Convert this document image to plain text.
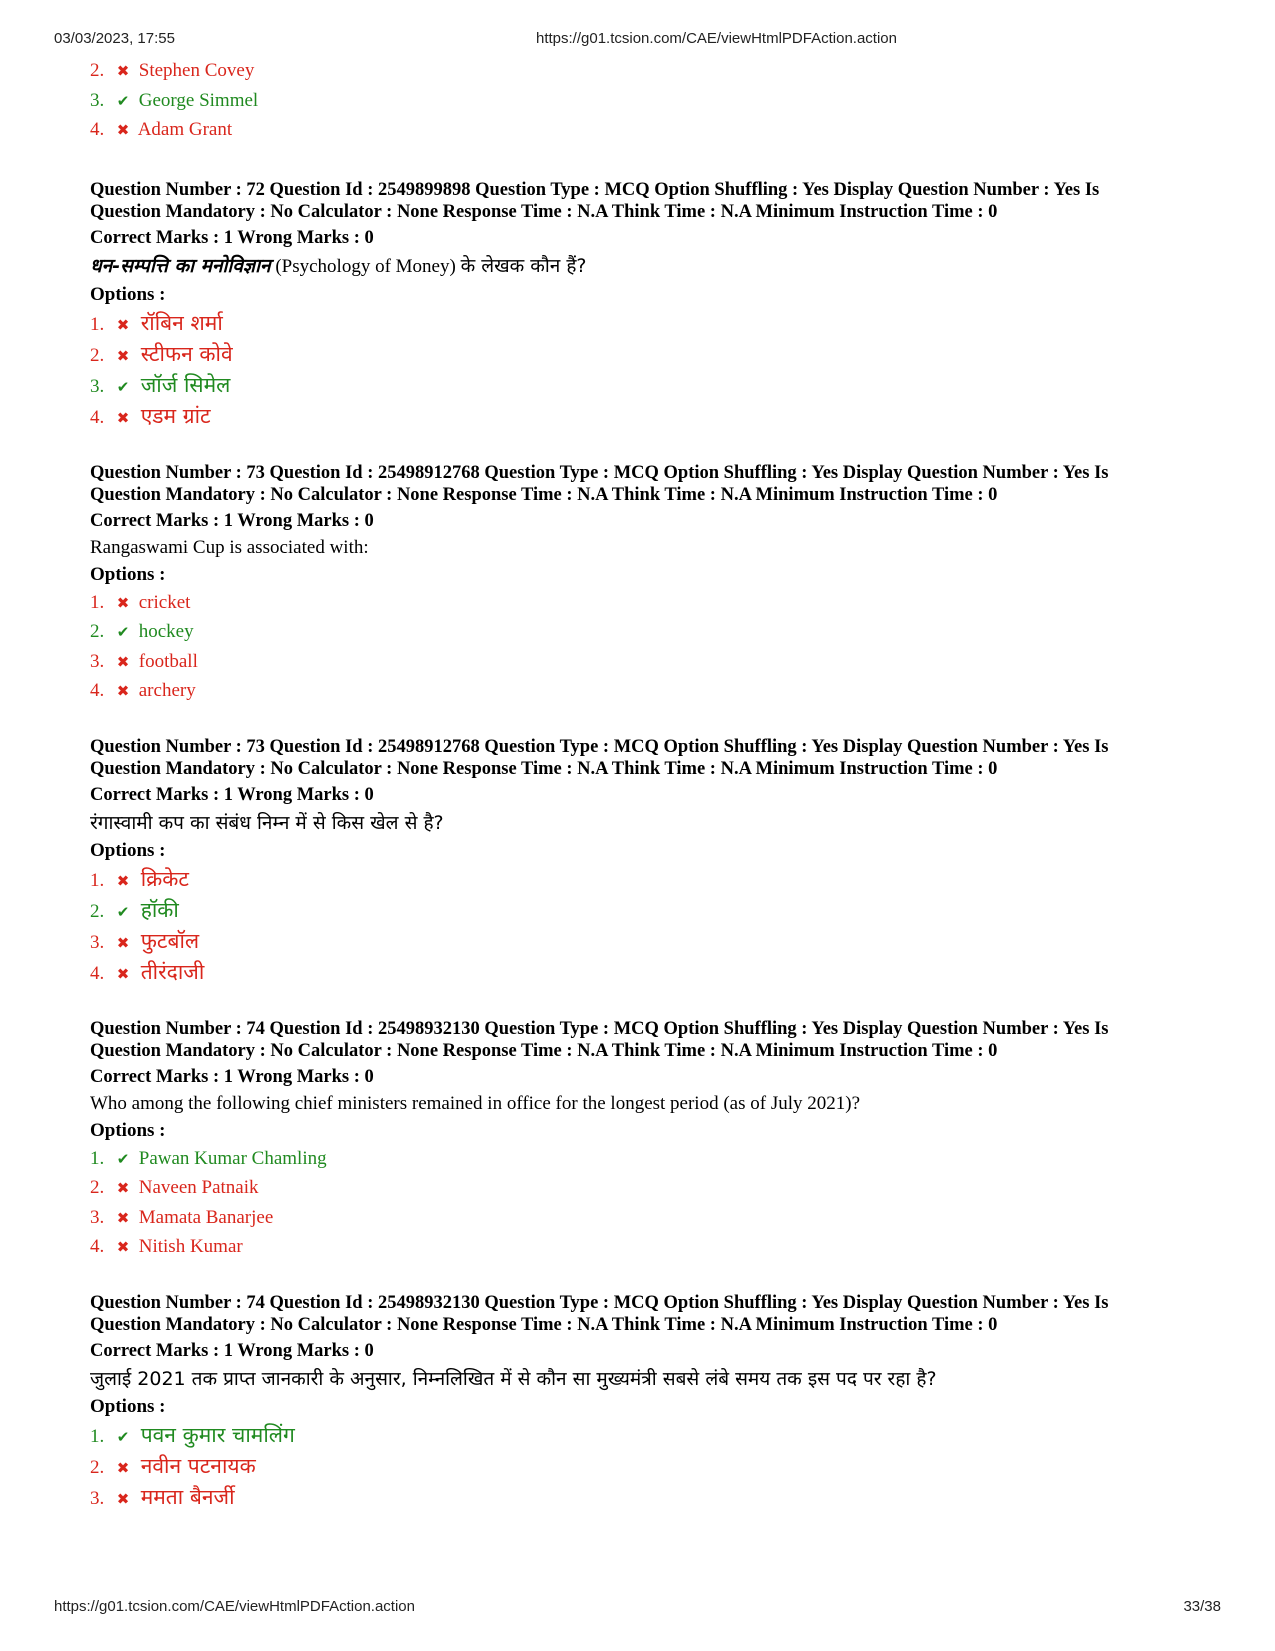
03/03/2023, 17:55	https://g01.tcsion.com/CAE/viewHtmlPDFAction.action
2. ✖ Stephen Covey
3. ✔ George Simmel
4. ✖ Adam Grant
Question Number : 72 Question Id : 2549899898 Question Type : MCQ Option Shuffling : Yes Display Question Number : Yes Is
Question Mandatory : No Calculator : None Response Time : N.A Think Time : N.A Minimum Instruction Time : 0
Correct Marks : 1 Wrong Marks : 0
धन-सम्पत्ति का मनोविज्ञान (Psychology of Money) के लेखक कौन हैं?
Options :
1. ✖ रॉबिन शर्मा
2. ✖ स्टीफन कोवे
3. ✔ जॉर्ज सिमेल
4. ✖ एडम ग्रांट
Question Number : 73 Question Id : 25498912768 Question Type : MCQ Option Shuffling : Yes Display Question Number : Yes Is
Question Mandatory : No Calculator : None Response Time : N.A Think Time : N.A Minimum Instruction Time : 0
Correct Marks : 1 Wrong Marks : 0
Rangaswami Cup is associated with:
Options :
1. ✖ cricket
2. ✔ hockey
3. ✖ football
4. ✖ archery
Question Number : 73 Question Id : 25498912768 Question Type : MCQ Option Shuffling : Yes Display Question Number : Yes Is
Question Mandatory : No Calculator : None Response Time : N.A Think Time : N.A Minimum Instruction Time : 0
Correct Marks : 1 Wrong Marks : 0
रंगास्वामी कप का संबंध निम्न में से किस खेल से है?
Options :
1. ✖ क्रिकेट
2. ✔ हॉकी
3. ✖ फुटबॉल
4. ✖ तीरंदाजी
Question Number : 74 Question Id : 25498932130 Question Type : MCQ Option Shuffling : Yes Display Question Number : Yes Is
Question Mandatory : No Calculator : None Response Time : N.A Think Time : N.A Minimum Instruction Time : 0
Correct Marks : 1 Wrong Marks : 0
Who among the following chief ministers remained in office for the longest period (as of July 2021)?
Options :
1. ✔ Pawan Kumar Chamling
2. ✖ Naveen Patnaik
3. ✖ Mamata Banarjee
4. ✖ Nitish Kumar
Question Number : 74 Question Id : 25498932130 Question Type : MCQ Option Shuffling : Yes Display Question Number : Yes Is
Question Mandatory : No Calculator : None Response Time : N.A Think Time : N.A Minimum Instruction Time : 0
Correct Marks : 1 Wrong Marks : 0
जुलाई 2021 तक प्राप्त जानकारी के अनुसार, निम्नलिखित में से कौन सा मुख्यमंत्री सबसे लंबे समय तक इस पद पर रहा है?
Options :
1. ✔ पवन कुमार चामलिंग
2. ✖ नवीन पटनायक
3. ✖ ममता बैनर्जी
https://g01.tcsion.com/CAE/viewHtmlPDFAction.action	33/38
